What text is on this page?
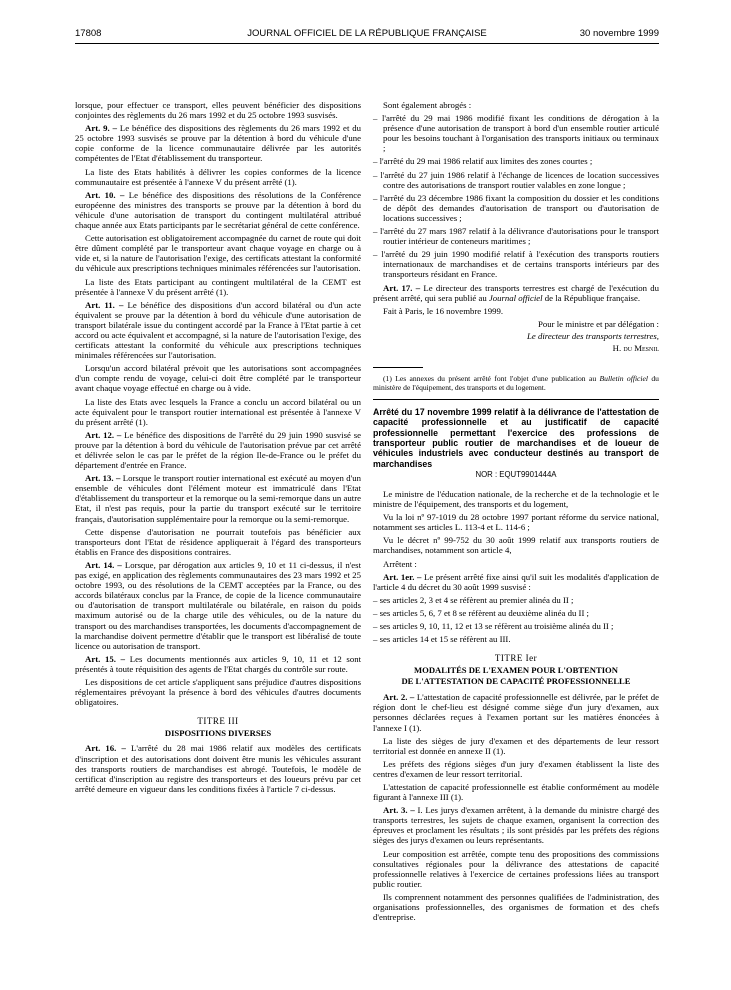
17808	JOURNAL OFFICIEL DE LA RÉPUBLIQUE FRANÇAISE	30 novembre 1999

lorsque, pour effectuer ce transport, elles peuvent bénéficier des dispositions conjointes des règlements du 26 mars 1992 et du 25 octobre 1993 susvisés.

Art. 9. – Le bénéfice des dispositions des règlements du 26 mars 1992 et du 25 octobre 1993 susvisés se prouve par la détention à bord du véhicule d'une copie conforme de la licence communautaire délivrée par les autorités compétentes de l'Etat d'établissement du transporteur.

La liste des Etats habilités à délivrer les copies conformes de la licence communautaire est présentée à l'annexe V du présent arrêté (1).

Art. 10. – Le bénéfice des dispositions des résolutions de la Conférence européenne des ministres des transports se prouve par la détention à bord du véhicule d'une autorisation de transport du contingent multilatéral attribué chaque année aux Etats participants par le secrétariat général de cette conférence.

Cette autorisation est obligatoirement accompagnée du carnet de route qui doit être dûment complété par le transporteur avant chaque voyage en charge ou à vide et, si la nature de l'autorisation l'exige, des certificats attestant la conformité du véhicule aux prescriptions techniques minimales référencées sur l'autorisation.

La liste des Etats participant au contingent multilatéral de la CEMT est présentée à l'annexe V du présent arrêté (1).

Art. 11. – Le bénéfice des dispositions d'un accord bilatéral ou d'un acte équivalent se prouve par la détention à bord du véhicule d'une autorisation de transport bilatérale issue du contingent accordé par la France à l'Etat partie à cet accord ou acte équivalent et accompagné, si la nature de l'autorisation l'exige, des certificats attestant la conformité du véhicule aux prescriptions techniques minimales référencées sur l'autorisation.

Lorsqu'un accord bilatéral prévoit que les autorisations sont accompagnées d'un compte rendu de voyage, celui-ci doit être complété par le transporteur avant chaque voyage effectué en charge ou à vide.

La liste des Etats avec lesquels la France a conclu un accord bilatéral ou un acte équivalent pour le transport routier international est présentée à l'annexe V du présent arrêté (1).

Art. 12. – Le bénéfice des dispositions de l'arrêté du 29 juin 1990 susvisé se prouve par la détention à bord du véhicule de l'autorisation prévue par cet arrêté et délivrée selon le cas par le préfet de la région Ile-de-France ou le préfet du département d'entrée en France.

Art. 13. – Lorsque le transport routier international est exécuté au moyen d'un ensemble de véhicules dont l'élément moteur est immatriculé dans l'Etat d'établissement du transporteur et la remorque ou la semi-remorque dans un autre Etat, il n'est pas requis, pour la partie du transport exécuté sur le territoire français, d'autorisation supplémentaire pour la remorque ou la semi-remorque.

Cette dispense d'autorisation ne pourrait toutefois pas bénéficier aux transporteurs dont l'Etat de résidence appliquerait à l'égard des transporteurs établis en France des dispositions contraires.

Art. 14. – Lorsque, par dérogation aux articles 9, 10 et 11 ci-dessus, il n'est pas exigé, en application des règlements communautaires des 23 mars 1992 et 25 octobre 1993, ou des résolutions de la CEMT acceptées par la France, ou des accords bilatéraux conclus par la France, de copie de la licence communautaire ou d'autorisation de transport multilatérale ou bilatérale, en raison du poids maximum autorisé ou de la charge utile des véhicules, ou de la nature du transport ou des marchandises transportées, les documents d'accompagnement de la marchandise doivent permettre d'établir que le transport est libéralisé de toute licence ou autorisation de transport.

Art. 15. – Les documents mentionnés aux articles 9, 10, 11 et 12 sont présentés à toute réquisition des agents de l'Etat chargés du contrôle sur route.

Les dispositions de cet article s'appliquent sans préjudice d'autres dispositions réglementaires prévoyant la présence à bord des véhicules d'autres documents obligatoires.

TITRE III
DISPOSITIONS DIVERSES

Art. 16. – L'arrêté du 28 mai 1986 relatif aux modèles des certificats d'inscription et des autorisations dont doivent être munis les véhicules assurant des transports routiers de marchandises est abrogé. Toutefois, le modèle de certificat d'inscription au registre des transporteurs et des loueurs prévu par cet arrêté demeure en vigueur dans les conditions fixées à l'article 7 ci-dessus.

Sont également abrogés :

– l'arrêté du 29 mai 1986 modifié fixant les conditions de dérogation à la présence d'une autorisation de transport à bord d'un ensemble routier articulé pour les besoins touchant à l'organisation des transports initiaux ou terminaux ;

– l'arrêté du 29 mai 1986 relatif aux limites des zones courtes ;

– l'arrêté du 27 juin 1986 relatif à l'échange de licences de location successives contre des autorisations de transport routier valables en zone longue ;

– l'arrêté du 23 décembre 1986 fixant la composition du dossier et les conditions de dépôt des demandes d'autorisation de transport ou d'autorisation de locations successives ;

– l'arrêté du 27 mars 1987 relatif à la délivrance d'autorisations pour le transport routier intérieur de conteneurs maritimes ;

– l'arrêté du 29 juin 1990 modifié relatif à l'exécution des transports routiers internationaux de marchandises et de certains transports intérieurs par des transporteurs résidant en France.

Art. 17. – Le directeur des transports terrestres est chargé de l'exécution du présent arrêté, qui sera publié au Journal officiel de la République française.

Fait à Paris, le 16 novembre 1999.

Pour le ministre et par délégation :
Le directeur des transports terrestres,
H. du Mesnil

(1) Les annexes du présent arrêté font l'objet d'une publication au Bulletin officiel du ministère de l'équipement, des transports et du logement.

Arrêté du 17 novembre 1999 relatif à la délivrance de l'attestation de capacité professionnelle et au justificatif de capacité professionnelle permettant l'exercice des professions de transporteur public routier de marchandises et de loueur de véhicules industriels avec conducteur destinés au transport de marchandises
NOR : EQUT9901444A

Le ministre de l'éducation nationale, de la recherche et de la technologie et le ministre de l'équipement, des transports et du logement,

Vu la loi nº 97-1019 du 28 octobre 1997 portant réforme du service national, notamment ses articles L. 113-4 et L. 114-6 ;

Vu le décret nº 99-752 du 30 août 1999 relatif aux transports routiers de marchandises, notamment son article 4,

Arrêtent :

Art. 1er. – Le présent arrêté fixe ainsi qu'il suit les modalités d'application de l'article 4 du décret du 30 août 1999 susvisé :

– ses articles 2, 3 et 4 se réfèrent au premier alinéa du II ;

– ses articles 5, 6, 7 et 8 se réfèrent au deuxième alinéa du II ;

– ses articles 9, 10, 11, 12 et 13 se réfèrent au troisième alinéa du II ;

– ses articles 14 et 15 se réfèrent au III.

TITRE Ier
MODALITÉS DE L'EXAMEN POUR L'OBTENTION
DE L'ATTESTATION DE CAPACITÉ PROFESSIONNELLE

Art. 2. – L'attestation de capacité professionnelle est délivrée, par le préfet de région dont le chef-lieu est désigné comme siège d'un jury d'examen, aux personnes déclarées reçues à l'examen portant sur les matières énoncées à l'annexe I (1).

La liste des sièges de jury d'examen et des départements de leur ressort territorial est donnée en annexe II (1).

Les préfets des régions sièges d'un jury d'examen établissent la liste des centres d'examen de leur ressort territorial.

L'attestation de capacité professionnelle est établie conformément au modèle figurant à l'annexe III (1).

Art. 3. – I. Les jurys d'examen arrêtent, à la demande du ministre chargé des transports terrestres, les sujets de chaque examen, organisent la correction des épreuves et proclament les résultats ; ils sont présidés par les préfets des régions sièges des jurys d'examen ou leurs représentants.

Leur composition est arrêtée, compte tenu des propositions des commissions consultatives régionales pour la délivrance des attestations de capacité professionnelle relatives à l'exercice de certaines professions liées au transport public routier.

Ils comprennent notamment des personnes qualifiées de l'administration, des organisations professionnelles, des organismes de formation et des chefs d'entreprise.
